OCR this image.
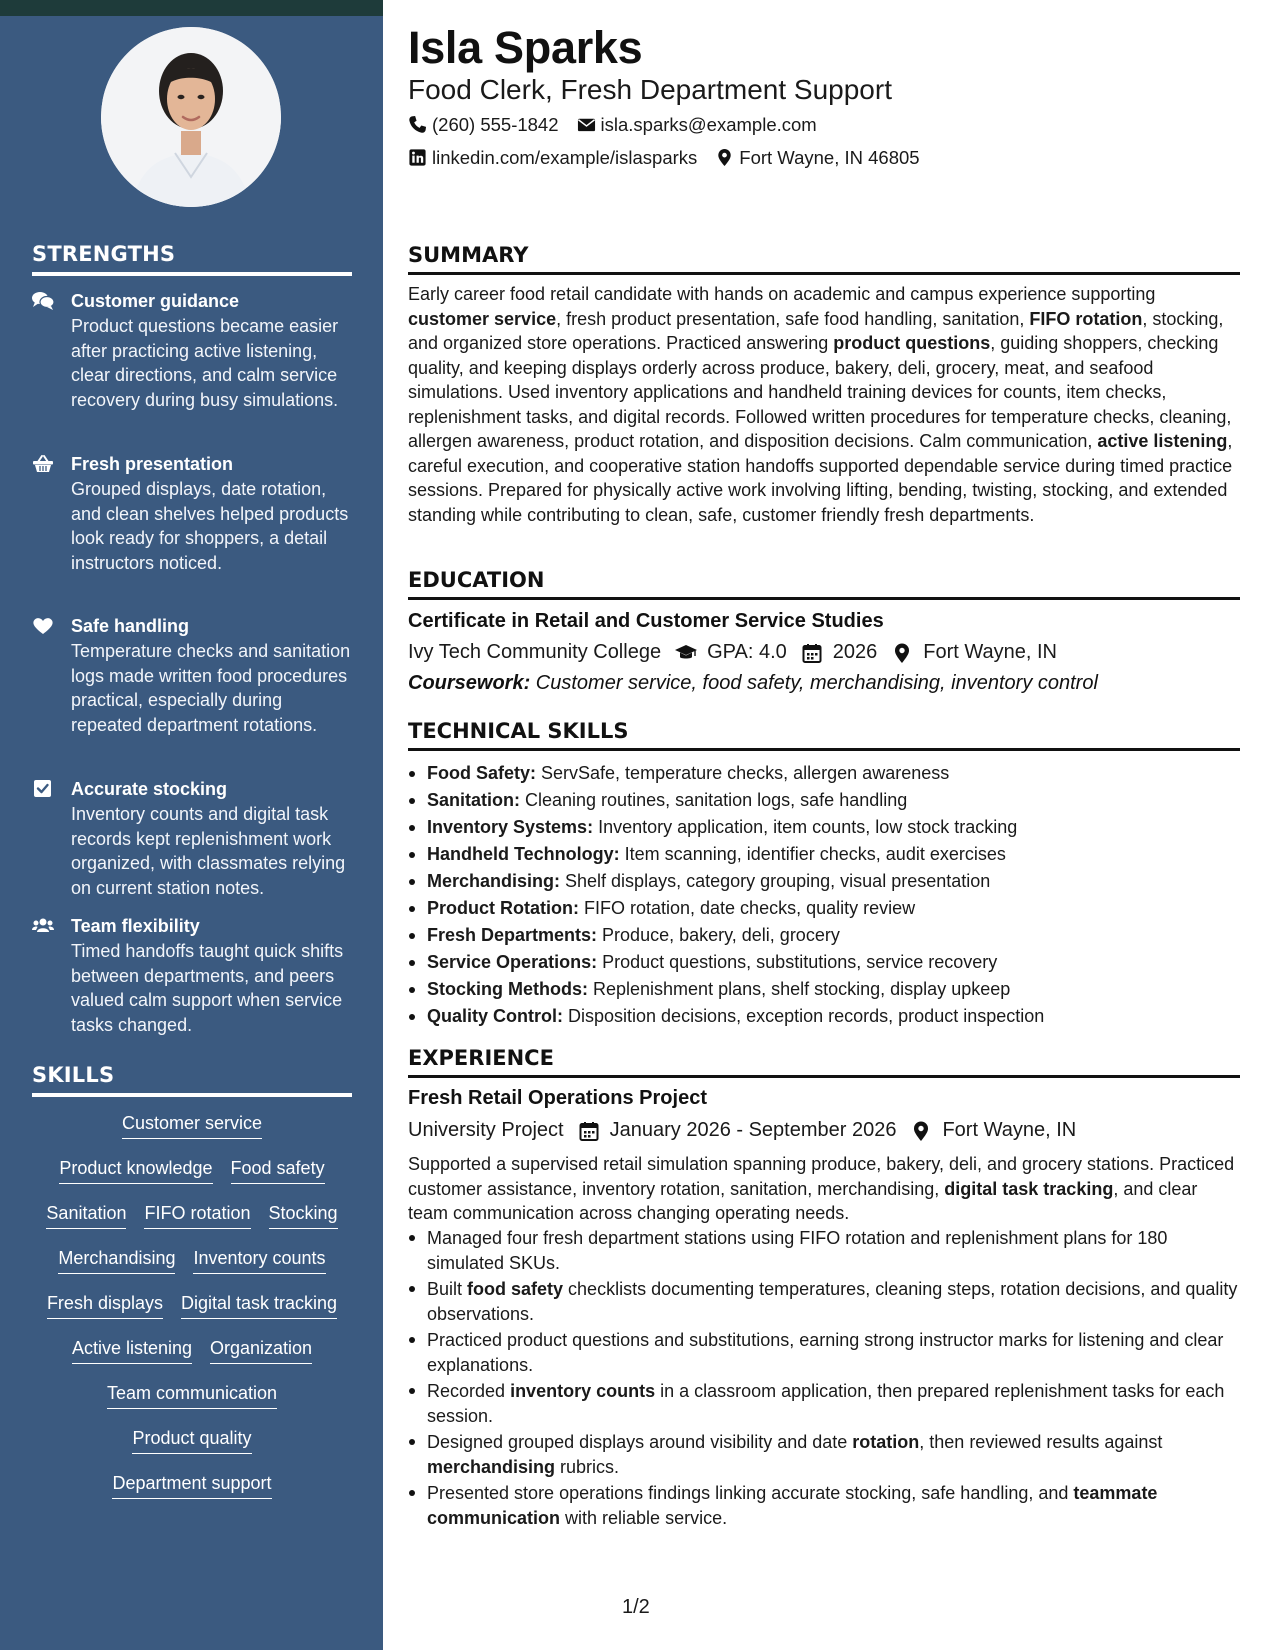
STRENGTHS
Customer guidance
Product questions became easier after practicing active listening, clear directions, and calm service recovery during busy simulations.
Fresh presentation
Grouped displays, date rotation, and clean shelves helped products look ready for shoppers, a detail instructors noticed.
Safe handling
Temperature checks and sanitation logs made written food procedures practical, especially during repeated department rotations.
Accurate stocking
Inventory counts and digital task records kept replenishment work organized, with classmates relying on current station notes.
Team flexibility
Timed handoffs taught quick shifts between departments, and peers valued calm support when service tasks changed.
SKILLS
Customer service
Product knowledge Food safety
Sanitation FIFO rotation Stocking
Merchandising Inventory counts
Fresh displays Digital task tracking
Active listening Organization
Team communication
Product quality
Department support
Isla Sparks
Food Clerk, Fresh Department Support
(260) 555-1842 isla.sparks@example.com
linkedin.com/example/islasparks Fort Wayne, IN 46805
SUMMARY
Early career food retail candidate with hands on academic and campus experience supporting customer service, fresh product presentation, safe food handling, sanitation, FIFO rotation, stocking, and organized store operations. Practiced answering product questions, guiding shoppers, checking quality, and keeping displays orderly across produce, bakery, deli, grocery, meat, and seafood simulations. Used inventory applications and handheld training devices for counts, item checks, replenishment tasks, and digital records. Followed written procedures for temperature checks, cleaning, allergen awareness, product rotation, and disposition decisions. Calm communication, active listening, careful execution, and cooperative station handoffs supported dependable service during timed practice sessions. Prepared for physically active work involving lifting, bending, twisting, stocking, and extended standing while contributing to clean, safe, customer friendly fresh departments.
EDUCATION
Certificate in Retail and Customer Service Studies
Ivy Tech Community College GPA: 4.0 2026 Fort Wayne, IN
Coursework: Customer service, food safety, merchandising, inventory control
TECHNICAL SKILLS
Food Safety: ServSafe, temperature checks, allergen awareness
Sanitation: Cleaning routines, sanitation logs, safe handling
Inventory Systems: Inventory application, item counts, low stock tracking
Handheld Technology: Item scanning, identifier checks, audit exercises
Merchandising: Shelf displays, category grouping, visual presentation
Product Rotation: FIFO rotation, date checks, quality review
Fresh Departments: Produce, bakery, deli, grocery
Service Operations: Product questions, substitutions, service recovery
Stocking Methods: Replenishment plans, shelf stocking, display upkeep
Quality Control: Disposition decisions, exception records, product inspection
EXPERIENCE
Fresh Retail Operations Project
University Project January 2026 - September 2026 Fort Wayne, IN
Supported a supervised retail simulation spanning produce, bakery, deli, and grocery stations. Practiced customer assistance, inventory rotation, sanitation, merchandising, digital task tracking, and clear team communication across changing operating needs.
Managed four fresh department stations using FIFO rotation and replenishment plans for 180 simulated SKUs.
Built food safety checklists documenting temperatures, cleaning steps, rotation decisions, and quality observations.
Practiced product questions and substitutions, earning strong instructor marks for listening and clear explanations.
Recorded inventory counts in a classroom application, then prepared replenishment tasks for each session.
Designed grouped displays around visibility and date rotation, then reviewed results against merchandising rubrics.
Presented store operations findings linking accurate stocking, safe handling, and teammate communication with reliable service.
1/2
